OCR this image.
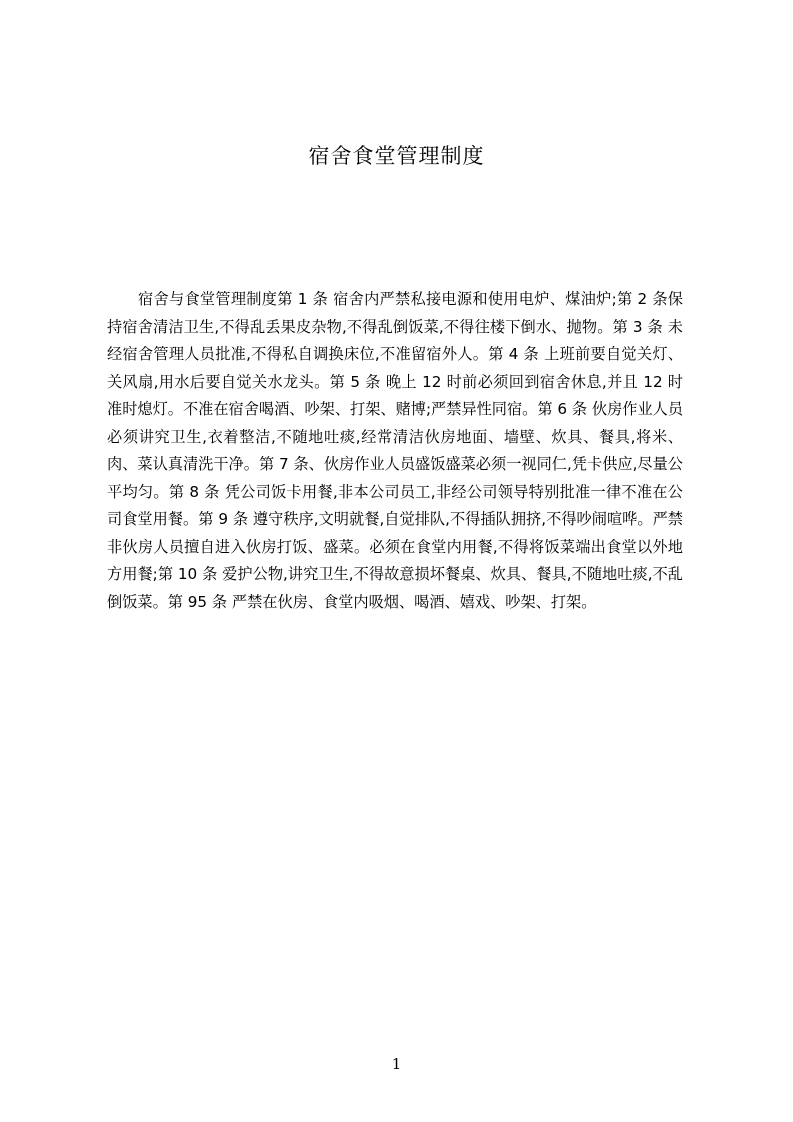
宿舍食堂管理制度

宿舍与食堂管理制度第 1 条 宿舍内严禁私接电源和使用电炉、煤油炉;第 2 条保持宿舍清洁卫生,不得乱丢果皮杂物,不得乱倒饭菜,不得往楼下倒水、抛物。第 3 条 未经宿舍管理人员批准,不得私自调换床位,不准留宿外人。第 4 条 上班前要自觉关灯、关风扇,用水后要自觉关水龙头。第 5 条 晚上 12 时前必须回到宿舍休息,并且 12 时准时熄灯。不准在宿舍喝酒、吵架、打架、赌博;严禁异性同宿。第 6 条 伙房作业人员必须讲究卫生,衣着整洁,不随地吐痰,经常清洁伙房地面、墙壁、炊具、餐具,将米、肉、菜认真清洗干净。第 7 条、伙房作业人员盛饭盛菜必须一视同仁,凭卡供应,尽量公平均匀。第 8 条 凭公司饭卡用餐,非本公司员工,非经公司领导特别批准一律不准在公司食堂用餐。第 9 条 遵守秩序,文明就餐,自觉排队,不得插队拥挤,不得吵闹喧哗。严禁非伙房人员擅自进入伙房打饭、盛菜。必须在食堂内用餐,不得将饭菜端出食堂以外地方用餐;第 10 条 爱护公物,讲究卫生,不得故意损坏餐桌、炊具、餐具,不随地吐痰,不乱倒饭菜。第 95 条 严禁在伙房、食堂内吸烟、喝酒、嬉戏、吵架、打架。

1
